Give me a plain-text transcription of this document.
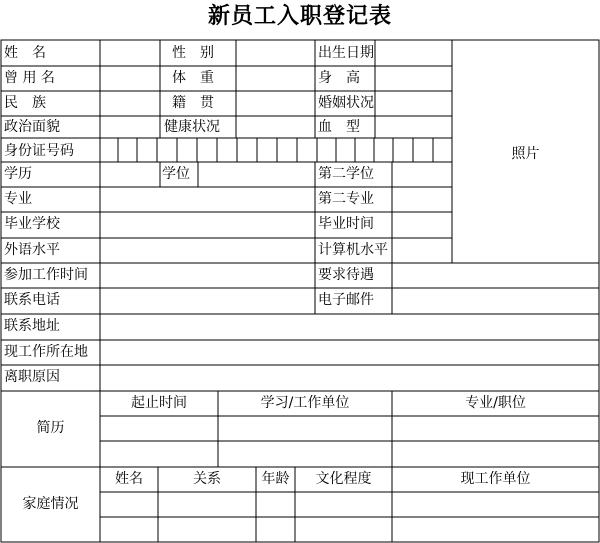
新员工入职登记表
姓　名	性　别	出生日期
曾 用 名	体　重	身　高
民　族	籍　贯	婚姻状况
政治面貌	健康状况	血　型
身份证号码	照片
学历	学位	第二学位
专业	第二专业
毕业学校	毕业时间
外语水平	计算机水平
参加工作时间	要求待遇
联系电话	电子邮件
联系地址
现工作所在地
离职原因
简历
起止时间	学习/工作单位	专业/职位
家庭情况
姓名	关系	年龄	文化程度	现工作单位
